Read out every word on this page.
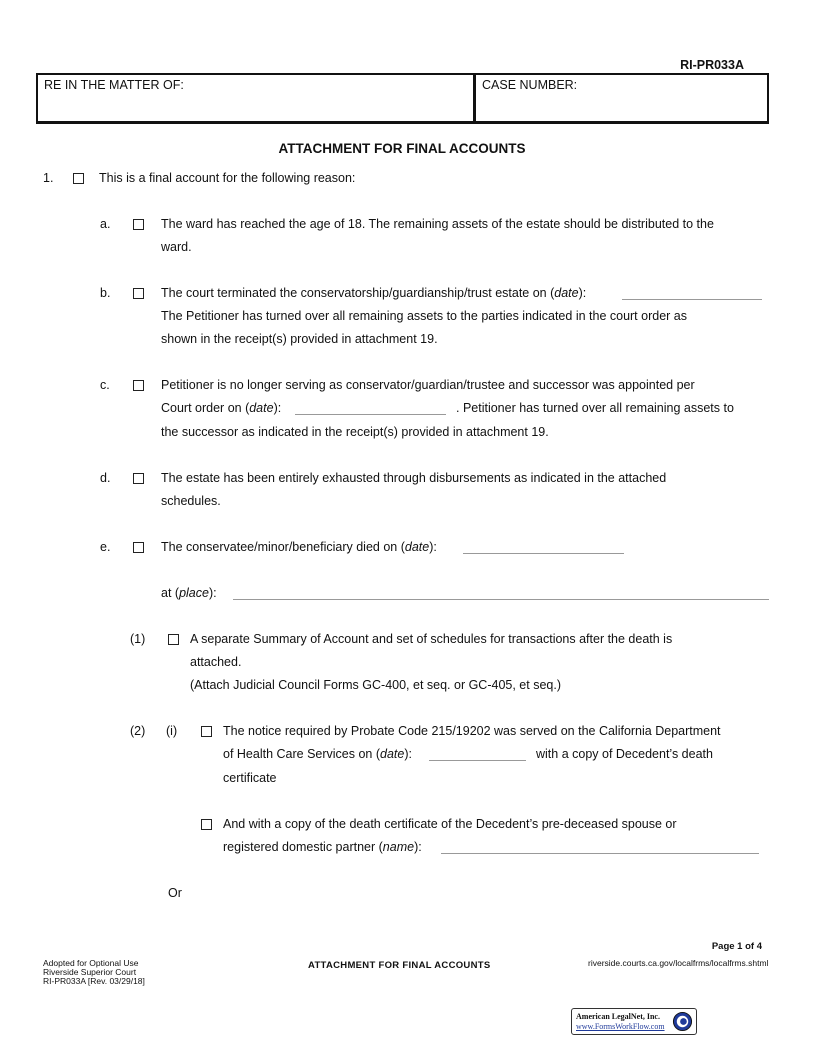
RI-PR033A
RE IN THE MATTER OF:	CASE NUMBER:
ATTACHMENT FOR FINAL ACCOUNTS
1.	This is a final account for the following reason:
a.	The ward has reached the age of 18. The remaining assets of the estate should be distributed to the
ward.
b.	The court terminated the conservatorship/guardianship/trust estate on (date):
The Petitioner has turned over all remaining assets to the parties indicated in the court order as
shown in the receipt(s) provided in attachment 19.
c.	Petitioner is no longer serving as conservator/guardian/trustee and successor was appointed per
Court order on (date):	. Petitioner has turned over all remaining assets to
the successor as indicated in the receipt(s) provided in attachment 19.
d.	The estate has been entirely exhausted through disbursements as indicated in the attached
schedules.
e.	The conservatee/minor/beneficiary died on (date):
at (place):
(1)	A separate Summary of Account and set of schedules for transactions after the death is
attached.
(Attach Judicial Council Forms GC-400, et seq. or GC-405, et seq.)
(2) (i)	The notice required by Probate Code 215/19202 was served on the California Department
of Health Care Services on (date):	with a copy of Decedent’s death
certificate
And with a copy of the death certificate of the Decedent’s pre-deceased spouse or
registered domestic partner (name):
Or
Page 1 of 4
Adopted for Optional Use
Riverside Superior Court
RI-PR033A [Rev. 03/29/18]
ATTACHMENT FOR FINAL ACCOUNTS	riverside.courts.ca.gov/localfrms/localfrms.shtml
American LegalNet, Inc.
www.FormsWorkFlow.com
